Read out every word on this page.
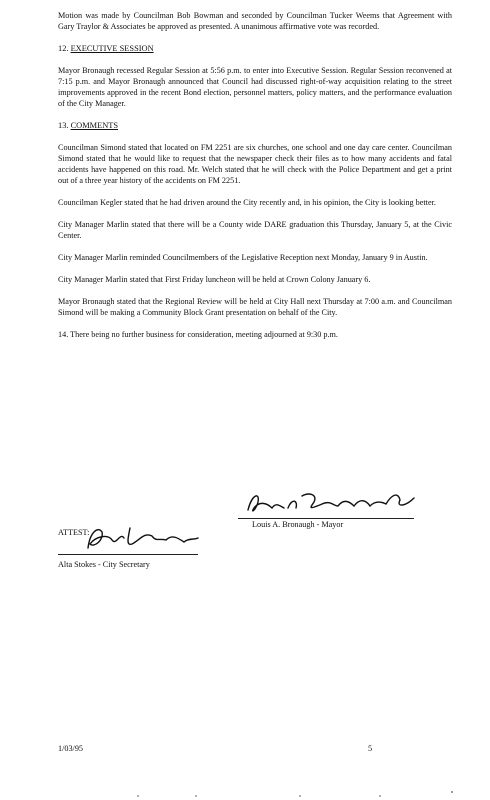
Motion was made by Councilman Bob Bowman and seconded by Councilman Tucker Weems that Agreement with Gary Traylor & Associates be approved as presented. A unanimous affirmative vote was recorded.

12. EXECUTIVE SESSION

Mayor Bronaugh recessed Regular Session at 5:56 p.m. to enter into Executive Session. Regular Session reconvened at 7:15 p.m. and Mayor Bronaugh announced that Council had discussed right-of-way acquisition relating to the street improvements approved in the recent Bond election, personnel matters, policy matters, and the performance evaluation of the City Manager.

13. COMMENTS

Councilman Simond stated that located on FM 2251 are six churches, one school and one day care center. Councilman Simond stated that he would like to request that the newspaper check their files as to how many accidents and fatal accidents have happened on this road. Mr. Welch stated that he will check with the Police Department and get a print out of a three year history of the accidents on FM 2251.

Councilman Kegler stated that he had driven around the City recently and, in his opinion, the City is looking better.

City Manager Marlin stated that there will be a County wide DARE graduation this Thursday, January 5, at the Civic Center.

City Manager Marlin reminded Councilmembers of the Legislative Reception next Monday, January 9 in Austin.

City Manager Marlin stated that First Friday luncheon will be held at Crown Colony January 6.

Mayor Bronaugh stated that the Regional Review will be held at City Hall next Thursday at 7:00 a.m. and Councilman Simond will be making a Community Block Grant presentation on behalf of the City.

14. There being no further business for consideration, meeting adjourned at 9:30 p.m.

Louis A. Bronaugh - Mayor
ATTEST:
Alta Stokes - City Secretary
1/03/95	5
